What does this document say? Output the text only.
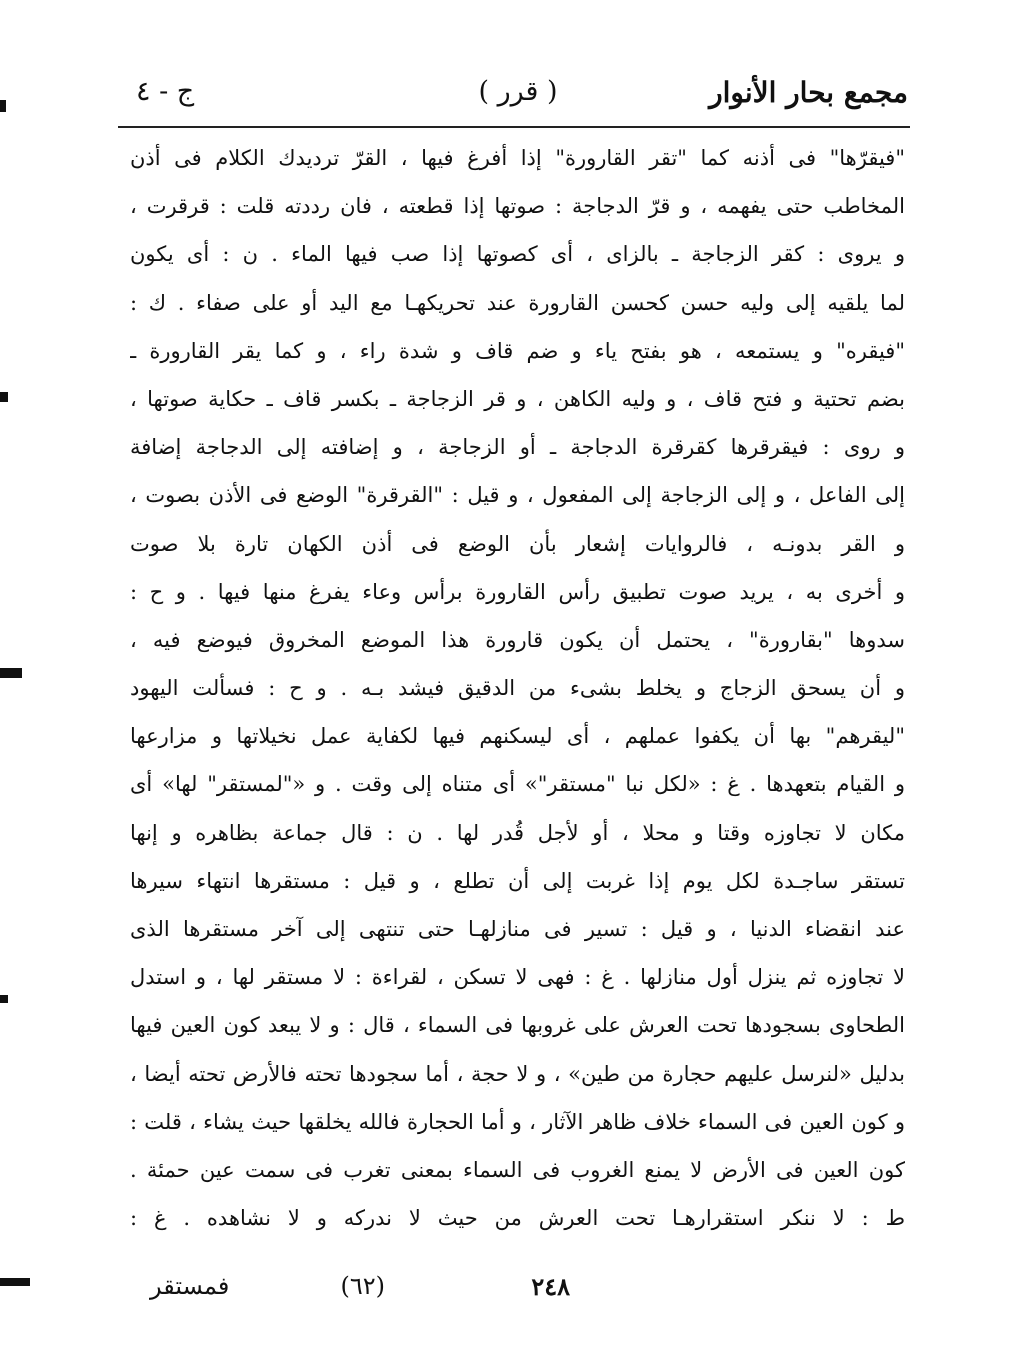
مجمع بحار الأنوار
( قرر )
ج - ٤
"فيقرّها" فى أذنه كما "تقر القارورة" إذا أفرغ فيها ، القرّ ترديدك الكلام فى أذن
المخاطب حتى يفهمه ، و قرّ الدجاجة : صوتها إذا قطعته ، فان رددته قلت : قرقرت ،
و يروى : كقر الزجاجة ـ بالزاى ، أى كصوتها إذا صب فيها الماء . ن : أى يكون
لما يلقيه إلى وليه حسن كحسن القارورة عند تحريكهـا مع اليد أو على صفاء . ك :
"فيقره" و يستمعه ، هو بفتح ياء و ضم قاف و شدة راء ، و كما يقر القارورة ـ
بضم تحتية و فتح قاف ، و وليه الكاهن ، و قر الزجاجة ـ بكسر قاف ـ حكاية صوتها ،
و روى : فيقرقرها كقرقرة الدجاجة ـ أو الزجاجة ، و إضافته إلى الدجاجة إضافة
إلى الفاعل ، و إلى الزجاجة إلى المفعول ، و قيل : "القرقرة" الوضع فى الأذن بصوت ،
و القر بدونـه ، فالروايات إشعار بأن الوضع فى أذن الكهان تارة بلا صوت
و أخرى به ، يريد صوت تطبيق رأس القارورة برأس وعاء يفرغ منها فيها . و ح :
سدوها "بقارورة" ، يحتمل أن يكون قارورة هذا الموضع المخروق فيوضع فيه ،
و أن يسحق الزجاج و يخلط بشىء من الدقيق فيشد بـه . و ح : فسألت اليهود
"ليقرهم" بها أن يكفوا عملهم ، أى ليسكنهم فيها لكفاية عمل نخيلاتها و مزارعها
و القيام بتعهدها . غ : «لكل نبا "مستقر"» أى متناه إلى وقت . و «"لمستقر" لها» أى
مكان لا تجاوزه وقتا و محلا ، أو لأجل قُدر لها . ن : قال جماعة بظاهره و إنها
تستقر ساجـدة لكل يوم إذا غربت إلى أن تطلع ، و قيل : مستقرها انتهاء سيرها
عند انقضاء الدنيا ، و قيل : تسير فى منازلهـا حتى تنتهى إلى آخر مستقرها الذى
لا تجاوزه ثم ينزل أول منازلها . غ : فهى لا تسكن ، لقراءة : لا مستقر لها ، و استدل
الطحاوى بسجودها تحت العرش على غروبها فى السماء ، قال : و لا يبعد كون العين فيها
بدليل «لنرسل عليهم حجارة من طين» ، و لا حجة ، أما سجودها تحته فالأرض تحته أيضا ،
و كون العين فى السماء خلاف ظاهر الآثار ، و أما الحجارة فالله يخلقها حيث يشاء ، قلت :
كون العين فى الأرض لا يمنع الغروب فى السماء بمعنى تغرب فى سمت عين حمئة .
ط : لا ننكر استقرارهـا تحت العرش من حيث لا ندركه و لا نشاهده . غ :
٢٤٨
(٦٢)
فمستقر
